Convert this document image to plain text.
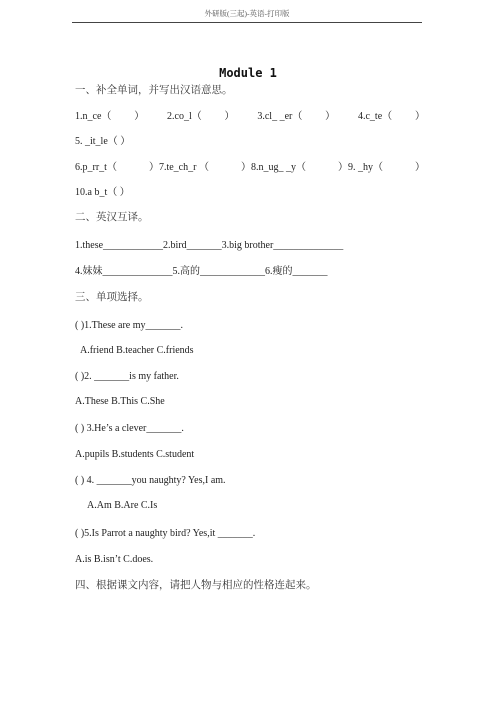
外研版(三起)-英语-打印版
Module 1
一、补全单词，并写出汉语意思。
1.n_ce（ ） 2.co_l（ ） 3.cl_ _er（ ） 4.c_te（ ）
5. _it_le（ ）
6.p_rr_t（	）7.te_ch_r （	）8.n_ug_ _y（	）9. _hy（	）
10.a b_t（ ）
二、英汉互译。
1.these____________2.bird_______3.big brother______________
4.妹妹______________5.高的_____________6.瘦的_______
三、单项选择。
( )1.These are my_______.
A.friend B.teacher C.friends
( )2. _______is my father.
A.These B.This C.She
( ) 3.He’s a clever_______.
A.pupils B.students C.student
( ) 4. _______you naughty? Yes,I am.
A.Am B.Are C.Is
( )5.Is Parrot a naughty bird? Yes,it _______.
A.is B.isn’t C.does.
四、根据课文内容，请把人物与相应的性格连起来。
